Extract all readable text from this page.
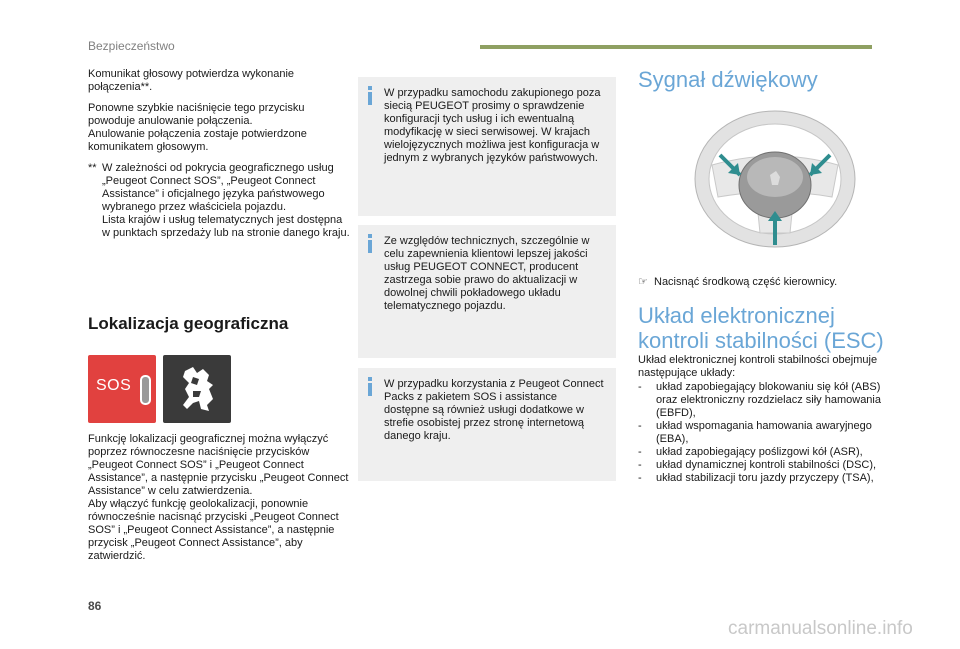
Bezpieczeństwo

Komunikat głosowy potwierdza wykonanie połączenia**.

Ponowne szybkie naciśnięcie tego przycisku powoduje anulowanie połączenia.

Anulowanie połączenia zostaje potwierdzone komunikatem głosowym.

** W zależności od pokrycia geograficznego usług „Peugeot Connect SOS”, „Peugeot Connect Assistance” i oficjalnego języka państwowego wybranego przez właściciela pojazdu.
Lista krajów i usług telematycznych jest dostępna w punktach sprzedaży lub na stronie danego kraju.
Lokalizacja geograficzna
SOS
Funkcję lokalizacji geograficznej można wyłączyć poprzez równoczesne naciśnięcie przycisków „Peugeot Connect SOS” i „Peugeot Connect Assistance”, a następnie przycisku „Peugeot Connect Assistance” w celu zatwierdzenia.
Aby włączyć funkcję geolokalizacji, ponownie równocześnie nacisnąć przyciski „Peugeot Connect SOS” i „Peugeot Connect Assistance”, a następnie przycisk „Peugeot Connect Assistance”, aby zatwierdzić.

W przypadku samochodu zakupionego poza siecią PEUGEOT prosimy o sprawdzenie konfiguracji tych usług i ich ewentualną modyfikację w sieci serwisowej. W krajach wielojęzycznych możliwa jest konfiguracja w jednym z wybranych języków państwowych.

Ze względów technicznych, szczególnie w celu zapewnienia klientowi lepszej jakości usług PEUGEOT CONNECT, producent zastrzega sobie prawo do aktualizacji w dowolnej chwili pokładowego układu telematycznego pojazdu.

W przypadku korzystania z Peugeot Connect Packs z pakietem SOS i assistance dostępne są również usługi dodatkowe w strefie osobistej przez stronę internetową danego kraju.

Sygnał dźwiękowy
☞ Nacisnąć środkową część kierownicy.
Układ elektronicznej
kontroli stabilności (ESC)

Układ elektronicznej kontroli stabilności obejmuje następujące układy:

- układ zapobiegający blokowaniu się kół (ABS) oraz elektroniczny rozdzielacz siły hamowania (EBFD),
- układ wspomagania hamowania awaryjnego (EBA),
- układ zapobiegający poślizgowi kół (ASR),
- układ dynamicznej kontroli stabilności (DSC),
- układ stabilizacji toru jazdy przyczepy (TSA),
86
carmanualsonline.info
